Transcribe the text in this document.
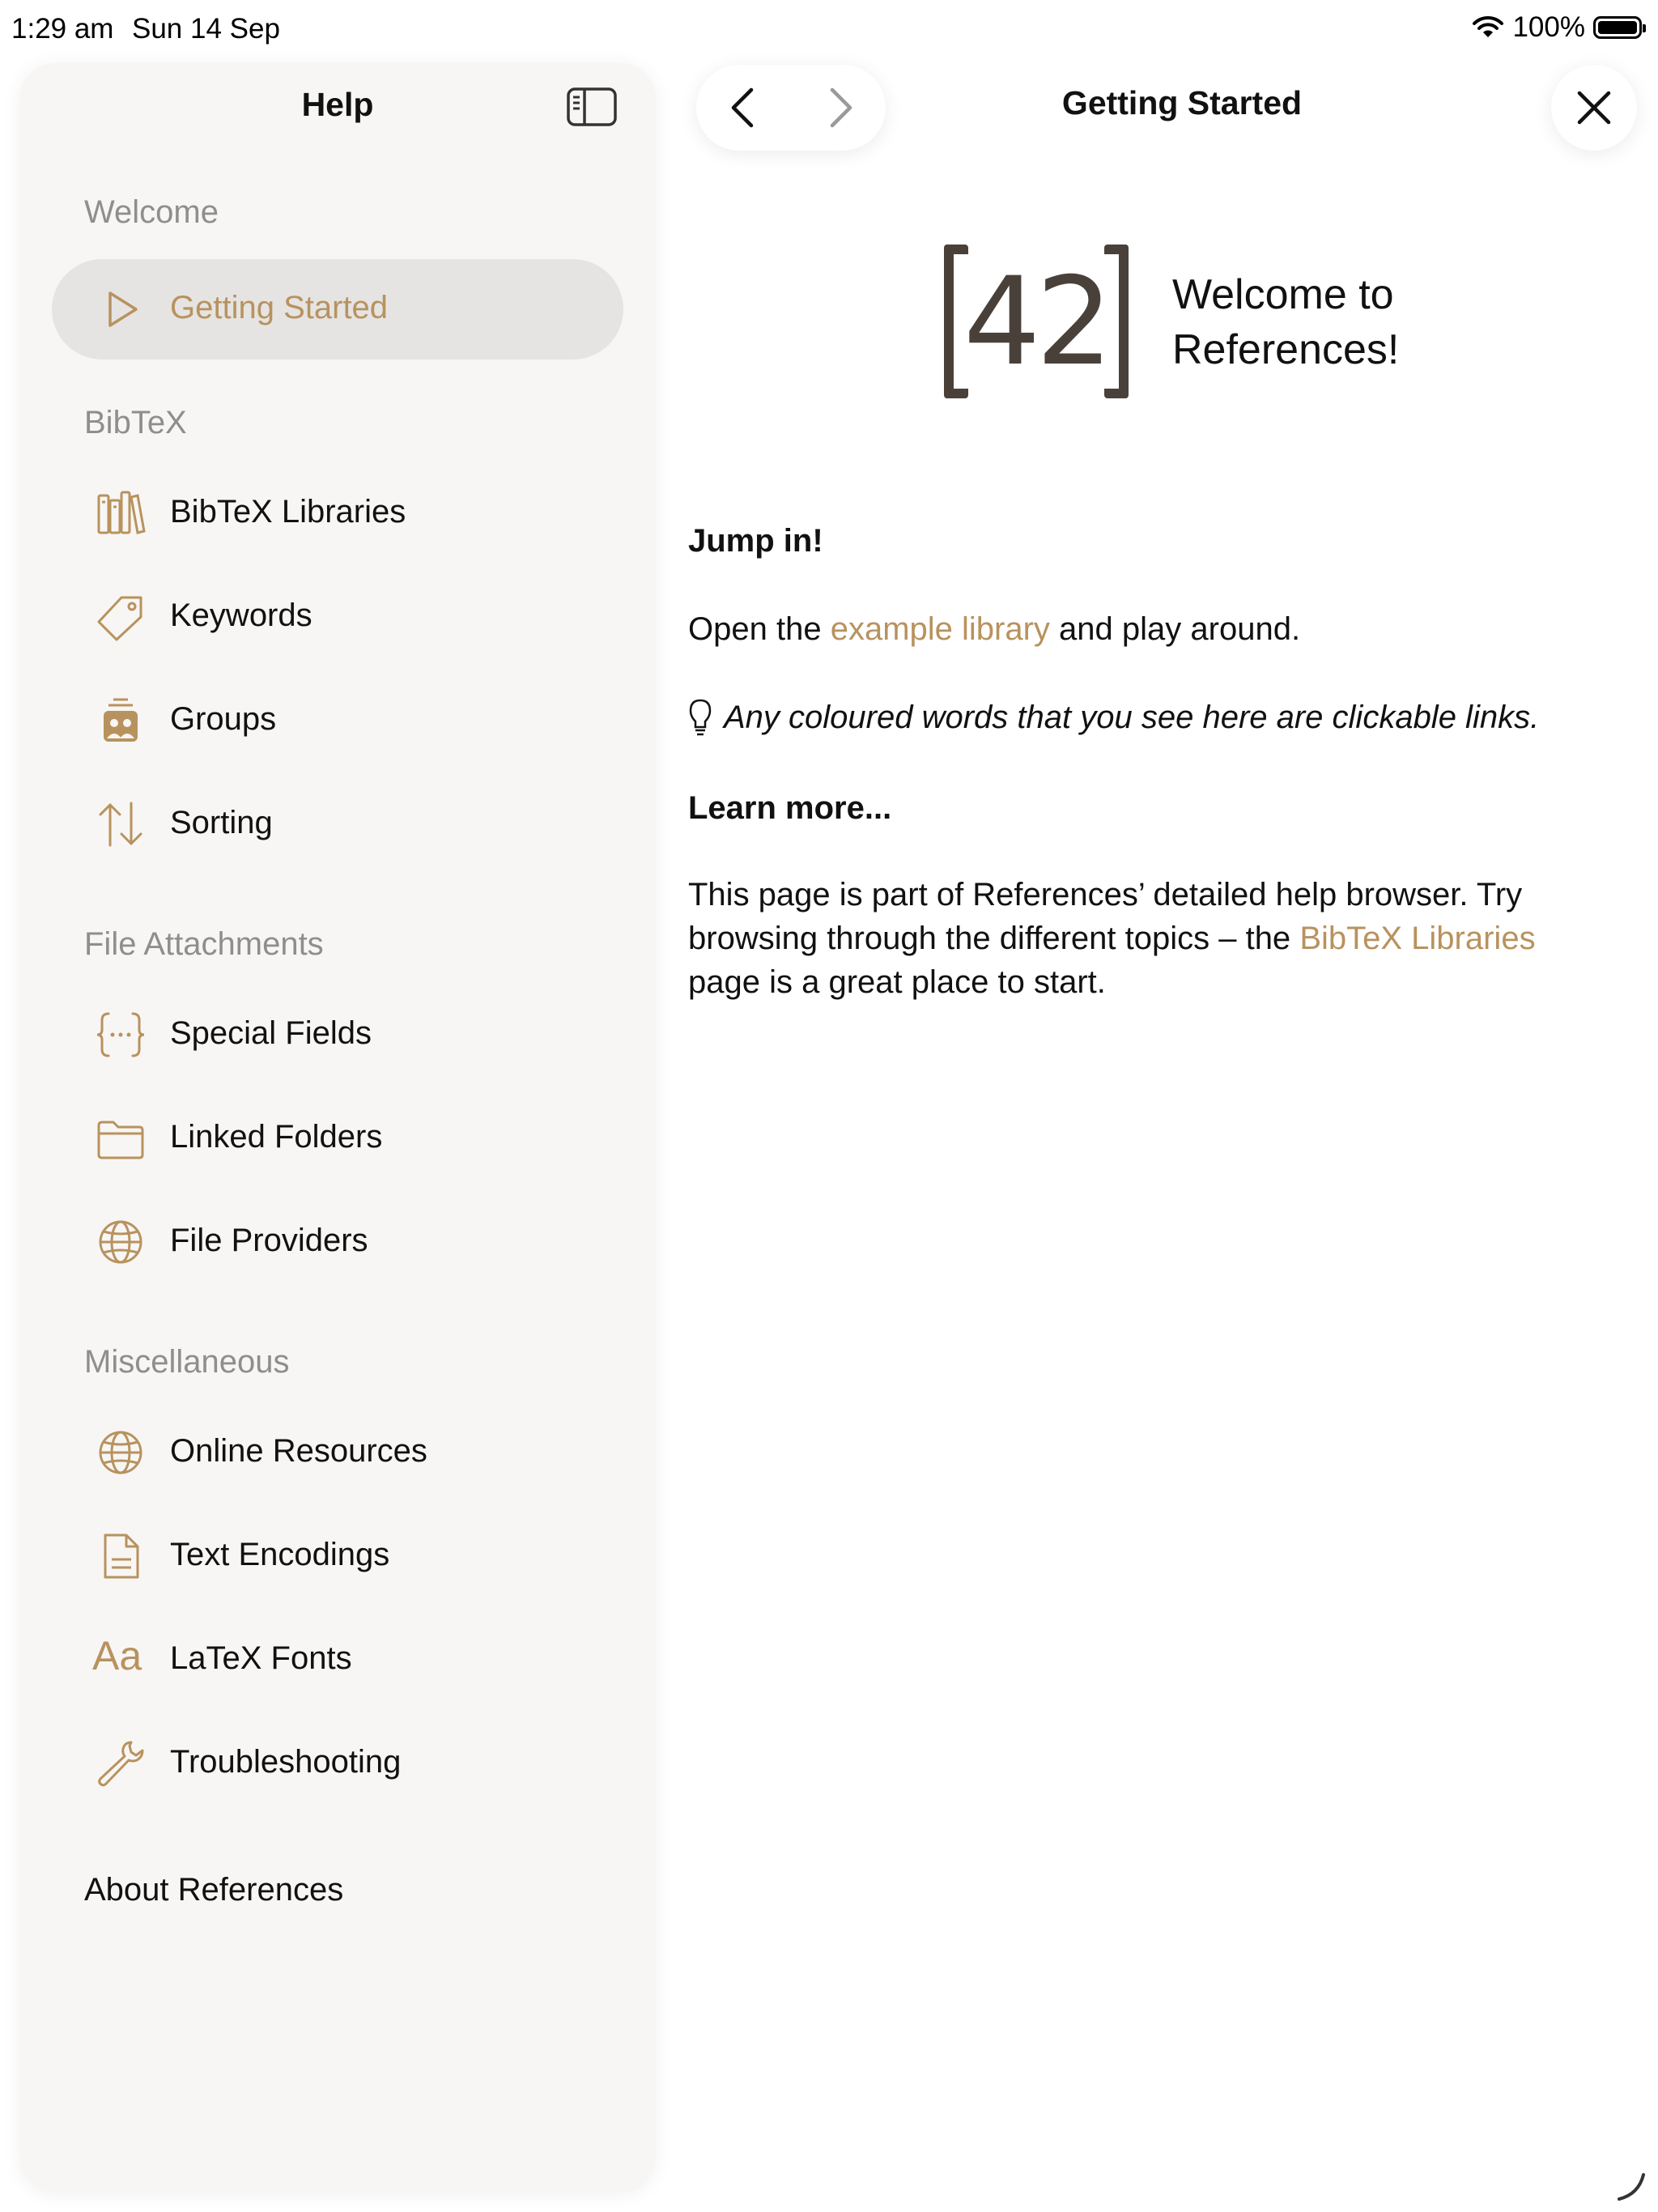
1:29 am Sun 14 Sep	100%
Help
Welcome
Getting Started
BibTeX
BibTeX Libraries
Keywords
Groups
Sorting
File Attachments
Special Fields
Linked Folders
File Providers
Miscellaneous
Online Resources
Text Encodings
Aa LaTeX Fonts
Troubleshooting
About References
Getting Started
42 Welcome to
References!
Jump in!
Open the example library and play around.
Any coloured words that you see here are clickable links.
Learn more...
This page is part of References’ detailed help browser. Try
browsing through the different topics – the BibTeX Libraries
page is a great place to start.
